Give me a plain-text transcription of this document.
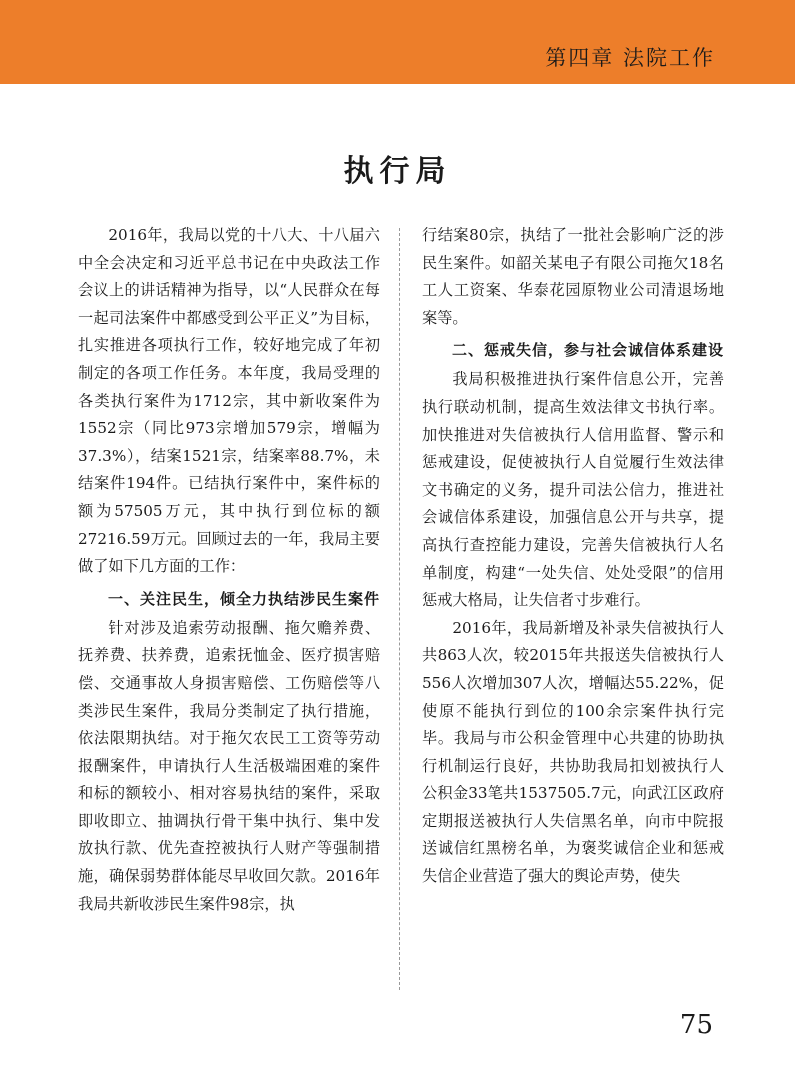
第四章 法院工作
执行局

2016年，我局以党的十八大、十八届六中全会决定和习近平总书记在中央政法工作会议上的讲话精神为指导，以“人民群众在每一起司法案件中都感受到公平正义”为目标，扎实推进各项执行工作，较好地完成了年初制定的各项工作任务。本年度，我局受理的各类执行案件为1712宗，其中新收案件为1552宗（同比973宗增加579宗，增幅为37.3%），结案1521宗，结案率88.7%，未结案件194件。已结执行案件中，案件标的额为57505万元，其中执行到位标的额27216.59万元。回顾过去的一年，我局主要做了如下几方面的工作：

一、关注民生，倾全力执结涉民生案件

针对涉及追索劳动报酬、拖欠赡养费、抚养费、扶养费，追索抚恤金、医疗损害赔偿、交通事故人身损害赔偿、工伤赔偿等八类涉民生案件，我局分类制定了执行措施，依法限期执结。对于拖欠农民工工资等劳动报酬案件，申请执行人生活极端困难的案件和标的额较小、相对容易执结的案件，采取即收即立、抽调执行骨干集中执行、集中发放执行款、优先查控被执行人财产等强制措施，确保弱势群体能尽早收回欠款。2016年我局共新收涉民生案件98宗，执

行结案80宗，执结了一批社会影响广泛的涉民生案件。如韶关某电子有限公司拖欠18名工人工资案、华泰花园原物业公司清退场地案等。

二、惩戒失信，参与社会诚信体系建设

我局积极推进执行案件信息公开，完善执行联动机制，提高生效法律文书执行率。加快推进对失信被执行人信用监督、警示和惩戒建设，促使被执行人自觉履行生效法律文书确定的义务，提升司法公信力，推进社会诚信体系建设，加强信息公开与共享，提高执行查控能力建设，完善失信被执行人名单制度，构建“一处失信、处处受限”的信用惩戒大格局，让失信者寸步难行。

2016年，我局新增及补录失信被执行人共863人次，较2015年共报送失信被执行人556人次增加307人次，增幅达55.22%，促使原不能执行到位的100余宗案件执行完毕。我局与市公积金管理中心共建的协助执行机制运行良好，共协助我局扣划被执行人公积金33笔共1537505.7元，向武江区政府定期报送被执行人失信黑名单，向市中院报送诚信红黑榜名单，为褒奖诚信企业和惩戒失信企业营造了强大的舆论声势，使失

75
